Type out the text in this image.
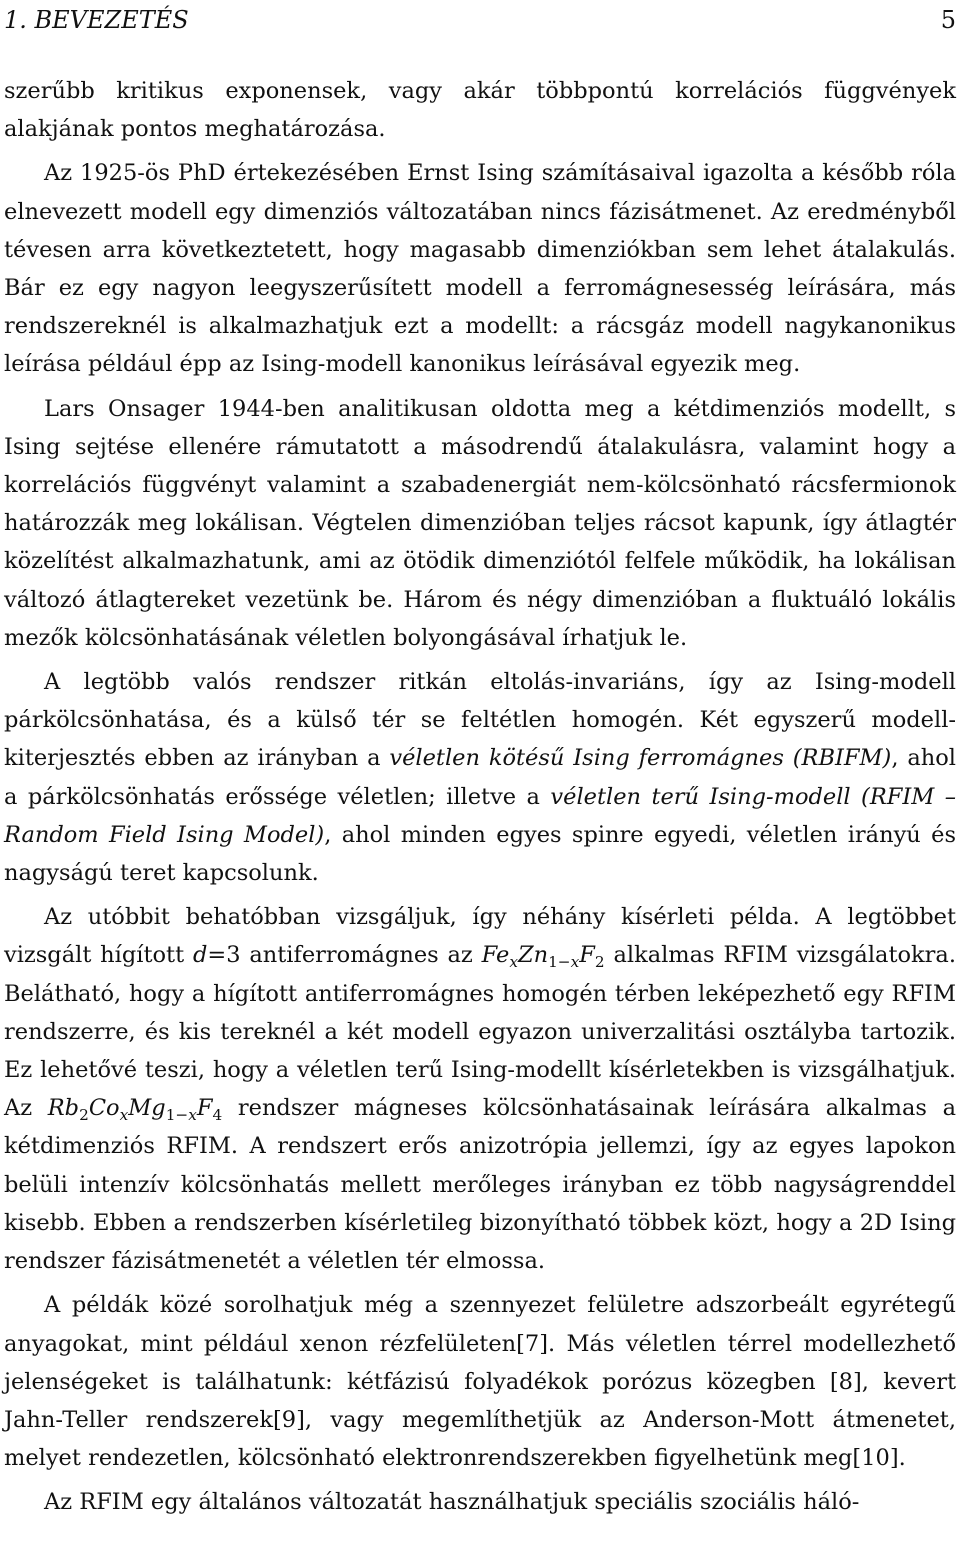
1. BEVEZETÉS	5

szerűbb kritikus exponensek, vagy akár többpontú korrelációs függvények alakjának pontos meghatározása.

Az 1925-ös PhD értekezésében Ernst Ising számításaival igazolta a később róla elnevezett modell egy dimenziós változatában nincs fázisátmenet. Az eredményből tévesen arra következtetett, hogy magasabb dimenziókban sem lehet átalakulás. Bár ez egy nagyon leegyszerűsített modell a ferromágnesesség leírására, más rendszereknél is alkalmazhatjuk ezt a modellt: a rácsgáz modell nagykanonikus leírása például épp az Ising-modell kanonikus leírásával egyezik meg.

Lars Onsager 1944-ben analitikusan oldotta meg a kétdimenziós modellt, s Ising sejtése ellenére rámutatott a másodrendű átalakulásra, valamint hogy a korrelációs függvényt valamint a szabadenergiát nem-kölcsönható rácsfermionok határozzák meg lokálisan. Végtelen dimenzióban teljes rácsot kapunk, így átlagtér közelítést alkalmazhatunk, ami az ötödik dimenziótól felfele működik, ha lokálisan változó átlagtereket vezetünk be. Három és négy dimenzióban a fluktuáló lokális mezők kölcsönhatásának véletlen bolyongásával írhatjuk le.

A legtöbb valós rendszer ritkán eltolás-invariáns, így az Ising-modell párkölcsönhatása, és a külső tér se feltétlen homogén. Két egyszerű modell-kiterjesztés ebben az irányban a véletlen kötésű Ising ferromágnes (RBIFM), ahol a párkölcsönhatás erőssége véletlen; illetve a véletlen terű Ising-modell (RFIM – Random Field Ising Model), ahol minden egyes spinre egyedi, véletlen irányú és nagyságú teret kapcsolunk.

Az utóbbit behatóbban vizsgáljuk, így néhány kísérleti példa. A legtöbbet vizsgált hígított d=3 antiferromágnes az $Fe_xZn_{1-x}F_2$ alkalmas RFIM vizsgálatokra. Belátható, hogy a hígított antiferromágnes homogén térben leképezhető egy RFIM rendszerre, és kis tereknél a két modell egyazon univerzalitási osztályba tartozik. Ez lehetővé teszi, hogy a véletlen terű Ising-modellt kísérletekben is vizsgálhatjuk. Az $Rb_2Co_xMg_{1-x}F_4$ rendszer mágneses kölcsönhatásainak leírására alkalmas a kétdimenziós RFIM. A rendszert erős anizotrópia jellemzi, így az egyes lapokon belüli intenzív kölcsönhatás mellett merőleges irányban ez több nagyságrenddel kisebb. Ebben a rendszerben kísérletileg bizonyítható többek közt, hogy a 2D Ising rendszer fázisátmenetét a véletlen tér elmossa.

A példák közé sorolhatjuk még a szennyezet felületre adszorbeált egyrétegű anyagokat, mint például xenon rézfelületen[7]. Más véletlen térrel modellezhető jelenségeket is találhatunk: kétfázisú folyadékok porózus közegben [8], kevert Jahn-Teller rendszerek[9], vagy megemlíthetjük az Anderson-Mott átmenetet, melyet rendezetlen, kölcsönható elektronrendszerekben figyelhetünk meg[10].

Az RFIM egy általános változatát használhatjuk speciális szociális háló-
